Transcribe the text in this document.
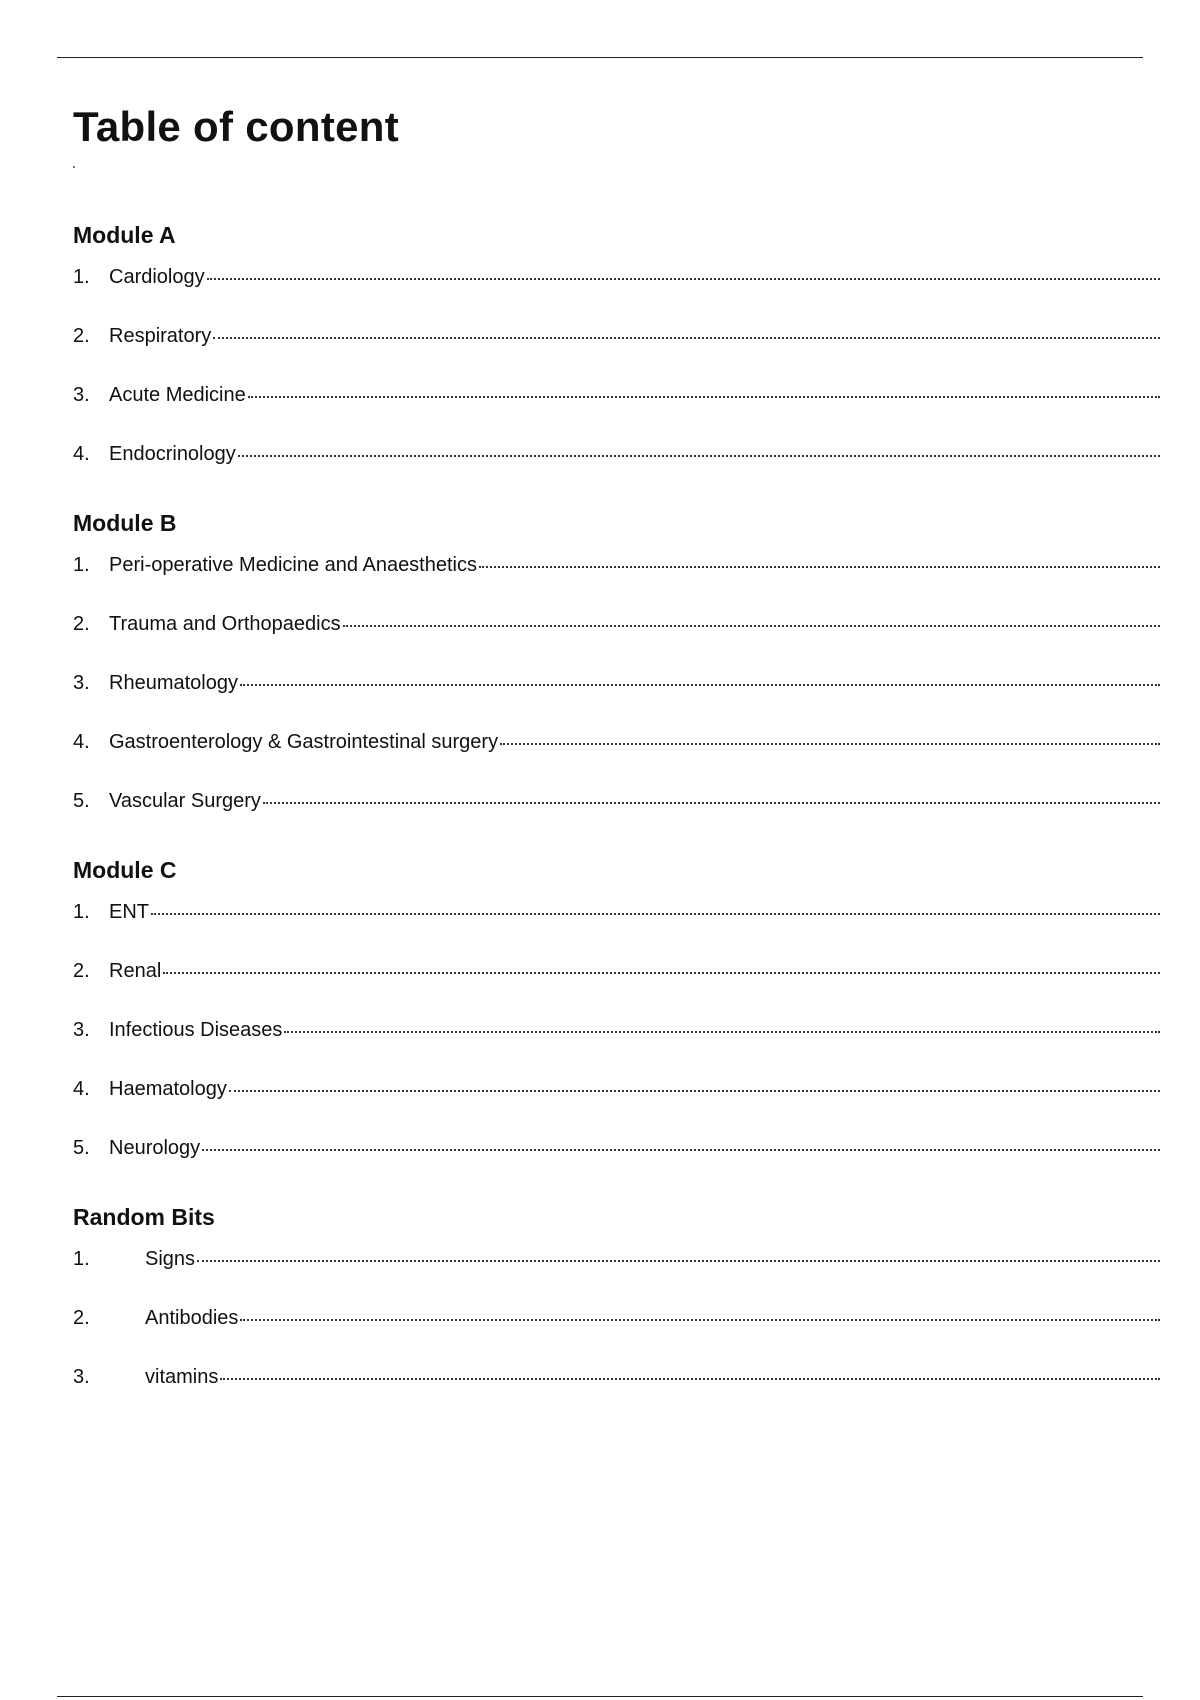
Table of content
Module A
1. Cardiology
2. Respiratory
3. Acute Medicine
4. Endocrinology
Module B
1. Peri-operative Medicine and Anaesthetics
2. Trauma and Orthopaedics
3. Rheumatology
4. Gastroenterology & Gastrointestinal surgery
5. Vascular Surgery
Module C
1. ENT
2. Renal
3. Infectious Diseases
4. Haematology
5. Neurology
Random Bits
1.	Signs
2.	Antibodies
3.	vitamins
